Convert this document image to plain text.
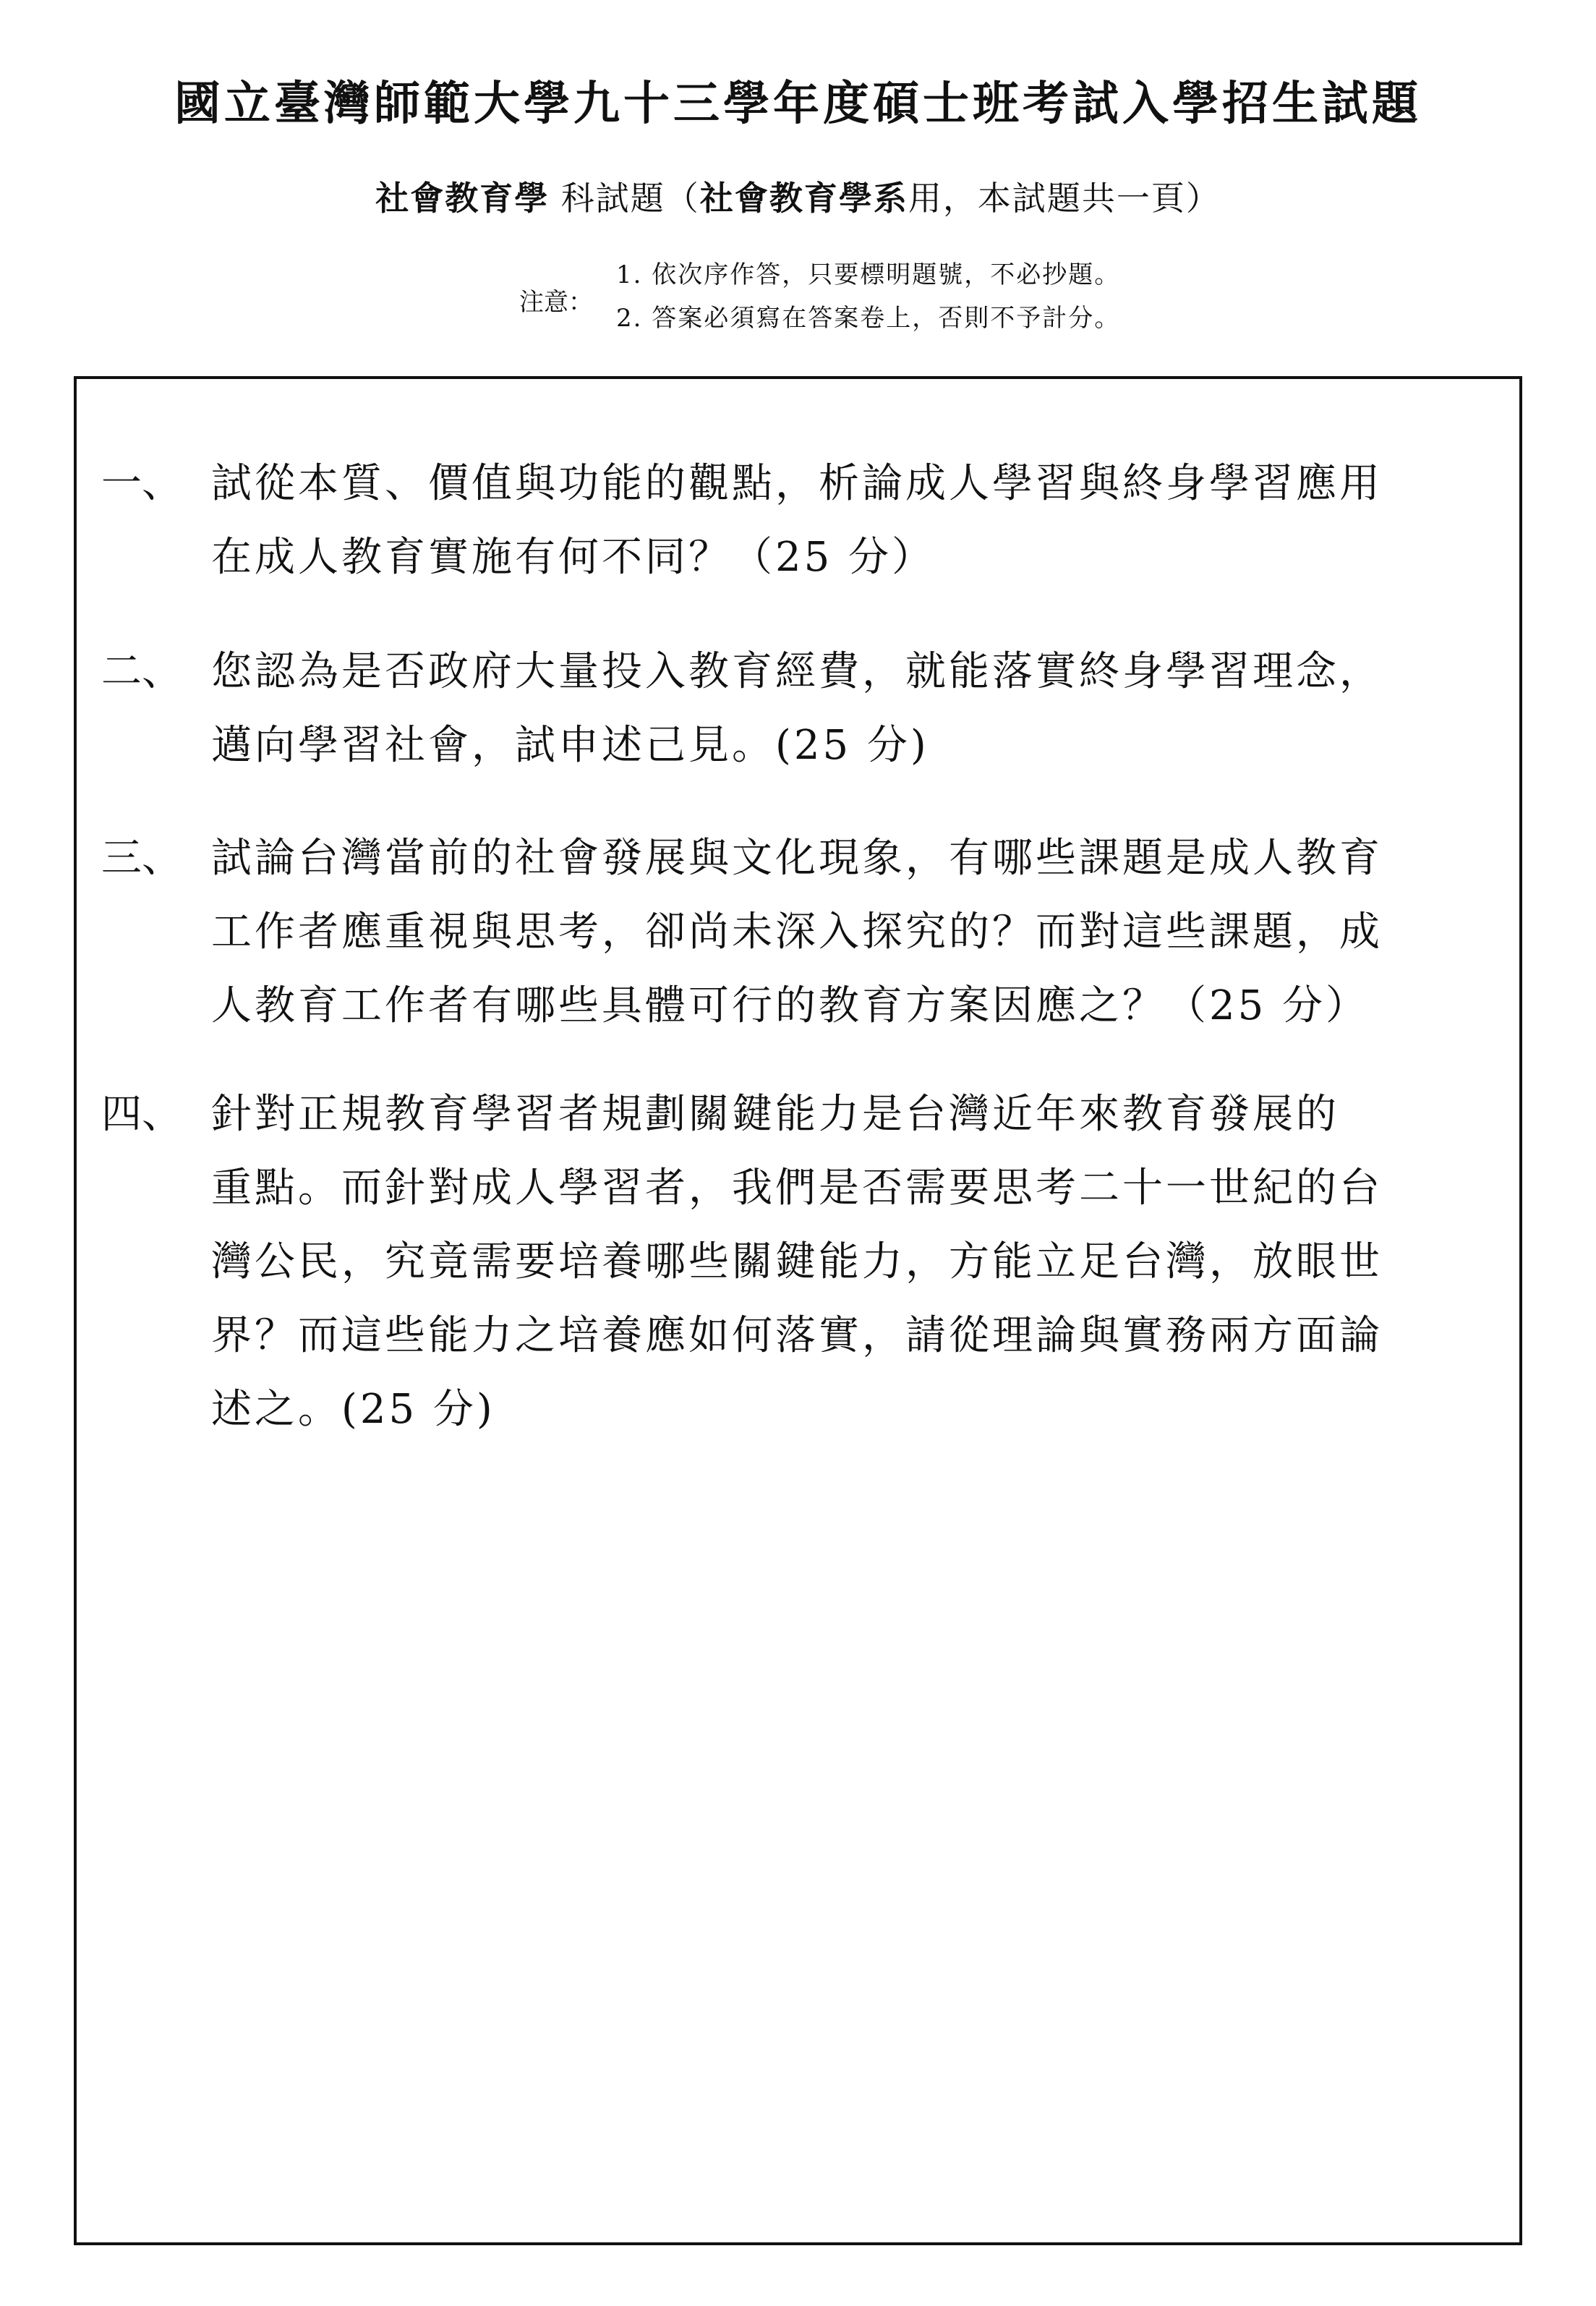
國立臺灣師範大學九十三學年度碩士班考試入學招生試題
社會教育學 科試題（社會教育學系用，本試題共一頁）
注意：
1. 依次序作答，只要標明題號，不必抄題。
2. 答案必須寫在答案卷上，否則不予計分。
一、 試從本質、價值與功能的觀點，析論成人學習與終身學習應用
在成人教育實施有何不同？（25 分）
二、 您認為是否政府大量投入教育經費，就能落實終身學習理念，
邁向學習社會，試申述己見。(25 分)
三、 試論台灣當前的社會發展與文化現象，有哪些課題是成人教育
工作者應重視與思考，卻尚未深入探究的？而對這些課題，成
人教育工作者有哪些具體可行的教育方案因應之？（25 分）
四、 針對正規教育學習者規劃關鍵能力是台灣近年來教育發展的
重點。而針對成人學習者，我們是否需要思考二十一世紀的台
灣公民，究竟需要培養哪些關鍵能力，方能立足台灣，放眼世
界？而這些能力之培養應如何落實，請從理論與實務兩方面論
述之。(25 分)
